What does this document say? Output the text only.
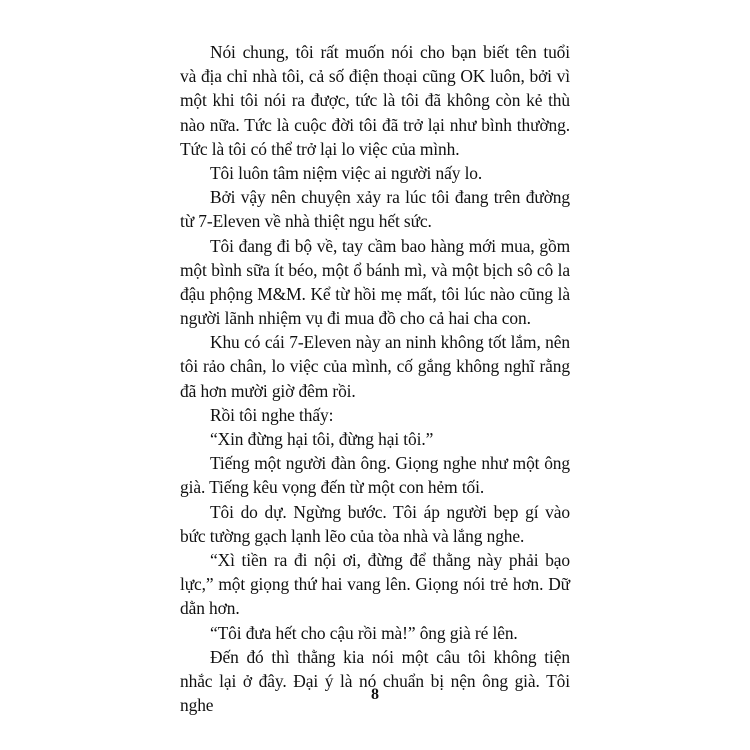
Nói chung, tôi rất muốn nói cho bạn biết tên tuổi
và địa chỉ nhà tôi, cả số điện thoại cũng OK luôn, bởi vì
một khi tôi nói ra được, tức là tôi đã không còn kẻ thù
nào nữa. Tức là cuộc đời tôi đã trở lại như bình thường.
Tức là tôi có thể trở lại lo việc của mình.
Tôi luôn tâm niệm việc ai người nấy lo.
Bởi vậy nên chuyện xảy ra lúc tôi đang trên đường
từ 7-Eleven về nhà thiệt ngu hết sức.
Tôi đang đi bộ về, tay cầm bao hàng mới mua, gồm
một bình sữa ít béo, một ổ bánh mì, và một bịch sô cô la
đậu phộng M&M. Kể từ hồi mẹ mất, tôi lúc nào cũng là
người lãnh nhiệm vụ đi mua đồ cho cả hai cha con.
Khu có cái 7-Eleven này an ninh không tốt lắm, nên
tôi rảo chân, lo việc của mình, cố gắng không nghĩ rằng
đã hơn mười giờ đêm rồi.
Rồi tôi nghe thấy:
“Xin đừng hại tôi, đừng hại tôi.”
Tiếng một người đàn ông. Giọng nghe như một ông
già. Tiếng kêu vọng đến từ một con hẻm tối.
Tôi do dự. Ngừng bước. Tôi áp người bẹp gí vào
bức tường gạch lạnh lẽo của tòa nhà và lắng nghe.
“Xì tiền ra đi nội ơi, đừng để thằng này phải bạo
lực,” một giọng thứ hai vang lên. Giọng nói trẻ hơn. Dữ
dằn hơn.
“Tôi đưa hết cho cậu rồi mà!” ông già ré lên.
Đến đó thì thằng kia nói một câu tôi không tiện
nhắc lại ở đây. Đại ý là nó chuẩn bị nện ông già. Tôi nghe
8
